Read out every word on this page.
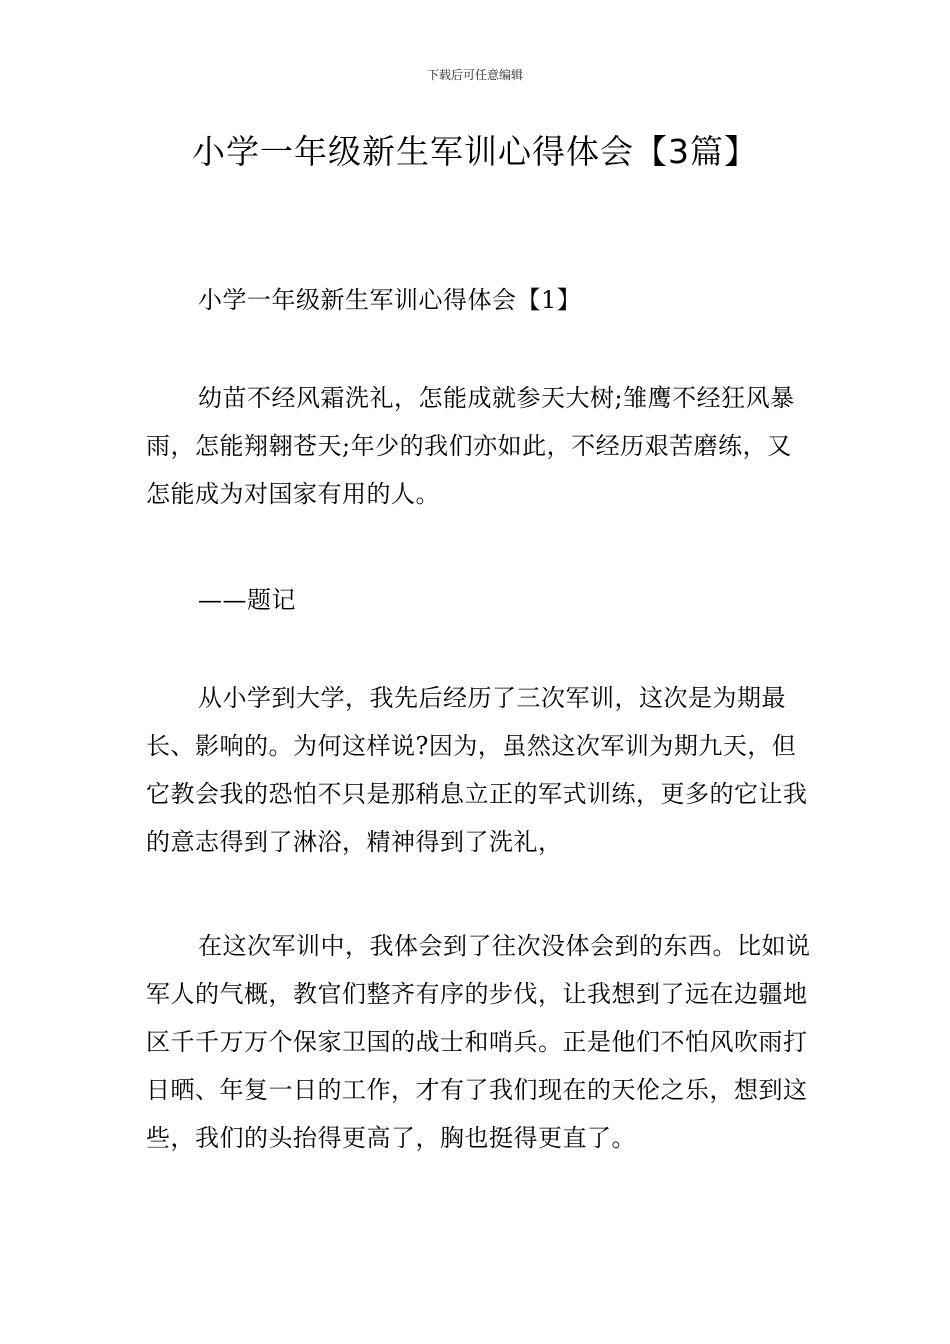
下载后可任意编辑
小学一年级新生军训心得体会【3篇】

小学一年级新生军训心得体会【1】

幼苗不经风霜洗礼，怎能成就参天大树;雏鹰不经狂风暴雨，怎能翔翱苍天;年少的我们亦如此，不经历艰苦磨练，又怎能成为对国家有用的人。

——题记

从小学到大学，我先后经历了三次军训，这次是为期最长、影响的。为何这样说?因为，虽然这次军训为期九天，但它教会我的恐怕不只是那稍息立正的军式训练，更多的它让我的意志得到了淋浴，精神得到了洗礼，

在这次军训中，我体会到了往次没体会到的东西。比如说军人的气概，教官们整齐有序的步伐，让我想到了远在边疆地区千千万万个保家卫国的战士和哨兵。正是他们不怕风吹雨打日晒、年复一日的工作，才有了我们现在的天伦之乐，想到这些，我们的头抬得更高了，胸也挺得更直了。
